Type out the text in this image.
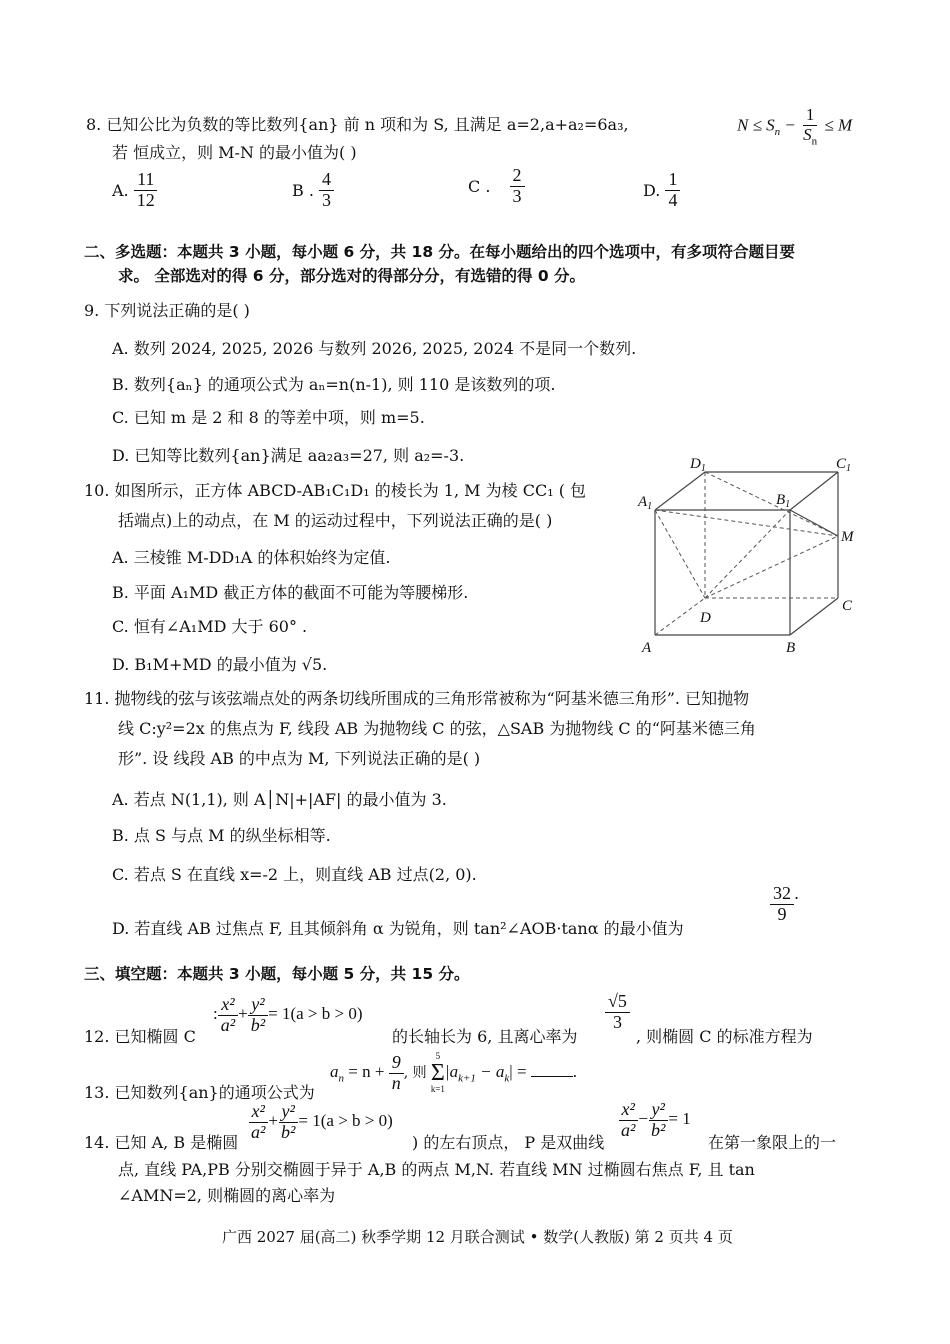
8. 已知公比为负数的等比数列{an} 前 n 项和为 S, 且满足 a=2,a+a₂=6a₃,	$N \le S_n - \frac{1}{S_n} \le M$
若 恒成立，则 M-N 的最小值为( )
A. $\frac{11}{12}$	B . $\frac{4}{3}$	C . $\frac{2}{3}$	D. $\frac{1}{4}$
二、多选题：本题共 3 小题，每小题 6 分，共 18 分。在每小题给出的四个选项中，有多项符合题目要
求。 全部选对的得 6 分，部分选对的得部分分，有选错的得 0 分。
9. 下列说法正确的是( )
A. 数列 2024, 2025, 2026 与数列 2026, 2025, 2024 不是同一个数列.
B. 数列{aₙ} 的通项公式为 aₙ=n(n-1), 则 110 是该数列的项.
C. 已知 m 是 2 和 8 的等差中项，则 m=5.
D. 已知等比数列{an}满足 aa₂a₃=27, 则 a₂=-3.
10. 如图所示，正方体 ABCD-AB₁C₁D₁ 的棱长为 1, M 为棱 CC₁ ( 包
括端点)上的动点，在 M 的运动过程中，下列说法正确的是( )
A. 三棱锥 M-DD₁A 的体积始终为定值.
B. 平面 A₁MD 截正方体的截面不可能为等腰梯形.
C. 恒有∠A₁MD 大于 60° .
D. B₁M+MD 的最小值为 √5.
$D_1$	$C_1$
$A_1$	$B_1$
M
D
C
A	B
11. 抛物线的弦与该弦端点处的两条切线所围成的三角形常被称为“阿基米德三角形”. 已知抛物
线 C:y²=2x 的焦点为 F, 线段 AB 为抛物线 C 的弦，△SAB 为抛物线 C 的“阿基米德三角
形”. 设 线段 AB 的中点为 M, 下列说法正确的是( )
A. 若点 N(1,1), 则 A│N|+|AF| 的最小值为 3.
B. 点 S 与点 M 的纵坐标相等.
C. 若点 S 在直线 x=-2 上，则直线 AB 过点(2, 0).
D. 若直线 AB 过焦点 F, 且其倾斜角 α 为锐角，则 tan²∠AOB·tanα 的最小值为
$\frac{32}{9}$ .
三、填空题：本题共 3 小题，每小题 5 分，共 15 分。
12. 已知椭圆 C
: $\frac{\text{x²}}{\text{a²}} + \frac{\text{y²}}{\text{b²}} = 1(a > b > 0)$
的长轴长为 6, 且离心率为
$\frac{√5}{3}$
, 则椭圆 C 的标准方程为
13. 已知数列{an}的通项公式为
$a_n = n + \frac{9}{n}$ , 则
5
Σ
k=1
$|a_{k+1} - a_k|$ = .
14. 已知 A, B 是椭圆 $\frac{\text{x²}}{\text{a²}} + \frac{\text{y²}}{\text{b²}} = 1(a > b > 0)$
) 的左右顶点， P 是双曲线
$\frac{\text{x²}}{\text{a²}} - \frac{\text{y²}}{\text{b²}} = 1$
在第一象限上的一
点, 直线 PA,PB 分别交椭圆于异于 A,B 的两点 M,N. 若直线 MN 过椭圆右焦点 F, 且 tan
∠AMN=2, 则椭圆的离心率为
广西 2027 届(高二) 秋季学期 12 月联合测试 • 数学(人教版) 第 2 页共 4 页
